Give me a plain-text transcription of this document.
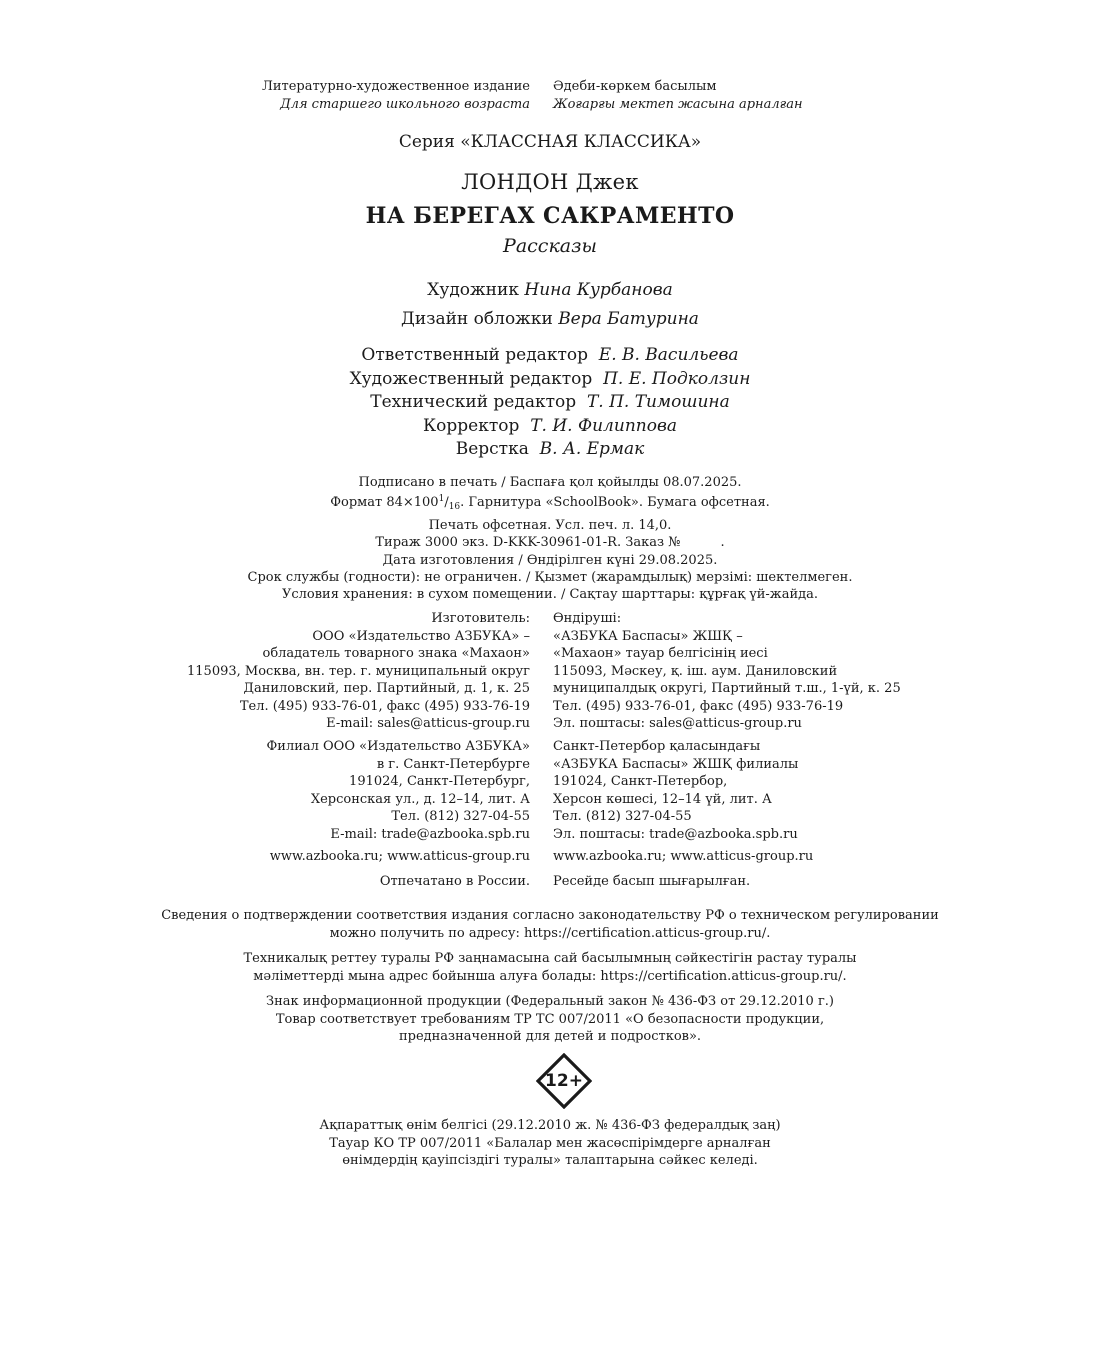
Литературно-художественное издание
Для старшего школьного возраста
Әдеби-көркем басылым
Жоғарғы мектеп жасына арналған
Серия «КЛАССНАЯ КЛАССИКА»
ЛОНДОН Джек
НА БЕРЕГАХ САКРАМЕНТО
Рассказы
Художник Нина Курбанова
Дизайн обложки Вера Батурина
Ответственный редактор Е. В. Васильева
Художественный редактор П. Е. Подколзин
Технический редактор Т. П. Тимошина
Корректор Т. И. Филиппова
Верстка В. А. Ермак
Подписано в печать / Баспаға қол қойылды 08.07.2025.
Формат $84\times 100^1/_{16}$. Гарнитура «SchoolBook». Бумага офсетная.
Печать офсетная. Усл. печ. л. 14,0.
Тираж 3000 экз. D-KKK-30961-01-R. Заказ №	.
Дата изготовления / Өндірілген күні 29.08.2025.
Срок службы (годности): не ограничен. / Қызмет (жарамдылық) мерзімі: шектелмеген.
Условия хранения: в сухом помещении. / Сақтау шарттары: құрғақ үй-жайда.
Изготовитель:
ООО «Издательство АЗБУКА» –
обладатель товарного знака «Махаон»
115093, Москва, вн. тер. г. муниципальный округ
Даниловский, пер. Партийный, д. 1, к. 25
Тел. (495) 933-76-01, факс (495) 933-76-19
E-mail: sales@atticus-group.ru
Өндіруші:
«АЗБУКА Баспасы» ЖШҚ –
«Махаон» тауар белгісінің иесі
115093, Мәскеу, қ. іш. аум. Даниловский
муниципалдық округі, Партийный т.ш., 1-үй, к. 25
Тел. (495) 933-76-01, факс (495) 933-76-19
Эл. поштасы: sales@atticus-group.ru
Филиал ООО «Издательство АЗБУКА»
в г. Санкт-Петербурге
191024, Санкт-Петербург,
Херсонская ул., д. 12–14, лит. А
Тел. (812) 327-04-55
E-mail: trade@azbooka.spb.ru
Санкт-Петербор қаласындағы
«АЗБУКА Баспасы» ЖШҚ филиалы
191024, Санкт-Петербор,
Херсон көшесі, 12–14 үй, лит. А
Тел. (812) 327-04-55
Эл. поштасы: trade@azbooka.spb.ru
www.azbooka.ru; www.atticus-group.ru www.azbooka.ru; www.atticus-group.ru
Отпечатано в России. Ресейде басып шығарылған.
Сведения о подтверждении соответствия издания согласно законодательству РФ о техническом регулировании
можно получить по адресу: https://certification.atticus-group.ru/.
Техникалық реттеу туралы РФ заңнамасына сай басылымның сәйкестігін растау туралы
мәліметтерді мына адрес бойынша алуға болады: https://certification.atticus-group.ru/.
Знак информационной продукции (Федеральный закон № 436-ФЗ от 29.12.2010 г.)
Товар соответствует требованиям ТР ТС 007/2011 «О безопасности продукции,
предназначенной для детей и подростков».
12+
Ақпараттық өнім белгісі (29.12.2010 ж. № 436-ФЗ федералдық заң)
Тауар КО ТР 007/2011 «Балалар мен жасөспірімдерге арналған
өнімдердің қауіпсіздігі туралы» талаптарына сәйкес келеді.
